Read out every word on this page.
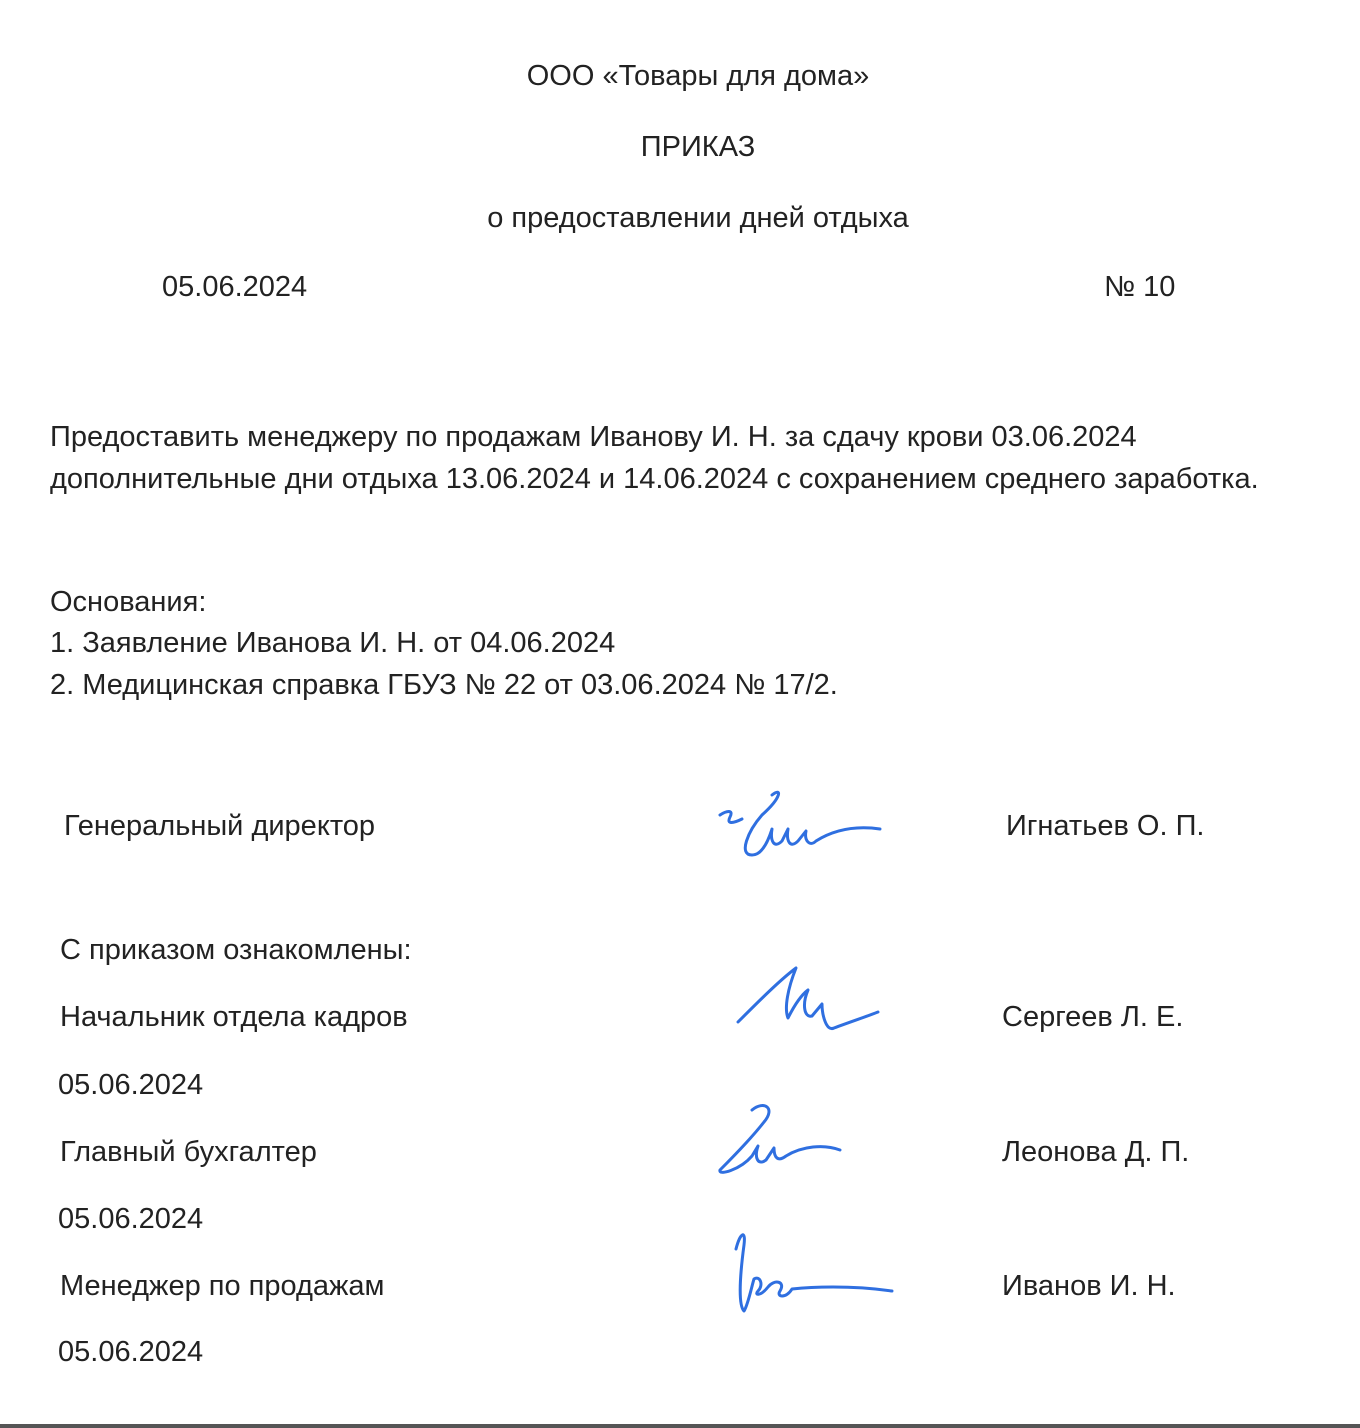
ООО «Товары для дома»
ПРИКАЗ
о предоставлении дней отдыха
05.06.2024	№ 10
Предоставить менеджеру по продажам Иванову И. Н. за сдачу крови 03.06.2024 дополнительные дни отдыха 13.06.2024 и 14.06.2024 с сохранением среднего заработка.
Основания:
1. Заявление Иванова И. Н. от 04.06.2024
2. Медицинская справка ГБУЗ № 22 от 03.06.2024 № 17/2.
Генеральный директор	Игнатьев О. П.
С приказом ознакомлены:
Начальник отдела кадров	Сергеев Л. Е.
05.06.2024
Главный бухгалтер	Леонова Д. П.
05.06.2024
Менеджер по продажам	Иванов И. Н.
05.06.2024
